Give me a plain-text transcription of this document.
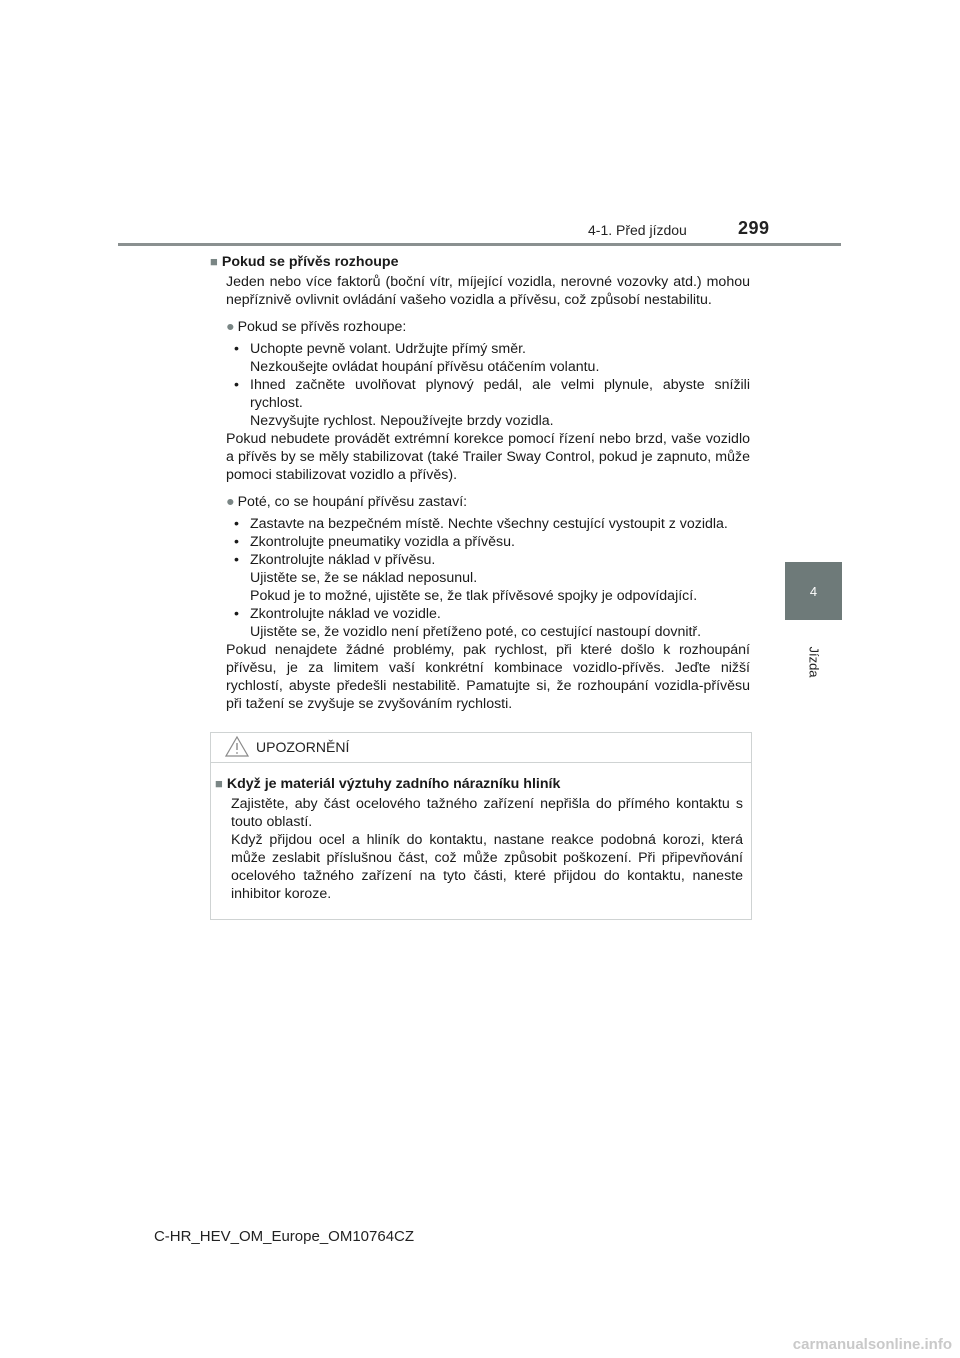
4-1. Před jízdou	299
4
Jízda
■ Pokud se přívěs rozhoupe

Jeden nebo více faktorů (boční vítr, míjející vozidla, nerovné vozovky atd.) mohou nepříznivě ovlivnit ovládání vašeho vozidla a přívěsu, což způsobí nestabilitu.

● Pokud se přívěs rozhoupe:
• Uchopte pevně volant. Udržujte přímý směr.

Nezkoušejte ovládat houpání přívěsu otáčením volantu.

• Ihned začněte uvolňovat plynový pedál, ale velmi plynule, abyste snížili rychlost.

Nezvyšujte rychlost. Nepoužívejte brzdy vozidla.

Pokud nebudete provádět extrémní korekce pomocí řízení nebo brzd, vaše vozidlo a přívěs by se měly stabilizovat (také Trailer Sway Control, pokud je zapnuto, může pomoci stabilizovat vozidlo a přívěs).

● Poté, co se houpání přívěsu zastaví:
• Zastavte na bezpečném místě. Nechte všechny cestující vystoupit z vozidla.
• Zkontrolujte pneumatiky vozidla a přívěsu.
• Zkontrolujte náklad v přívěsu.

Ujistěte se, že se náklad neposunul.

Pokud je to možné, ujistěte se, že tlak přívěsové spojky je odpovídající.

• Zkontrolujte náklad ve vozidle.

Ujistěte se, že vozidlo není přetíženo poté, co cestující nastoupí dovnitř.

Pokud nenajdete žádné problémy, pak rychlost, při které došlo k rozhoupání přívěsu, je za limitem vaší konkrétní kombinace vozidlo-přívěs. Jeďte nižší rychlostí, abyste předešli nestabilitě. Pamatujte si, že rozhoupání vozidla-přívěsu při tažení se zvyšuje se zvyšováním rychlosti.

UPOZORNĚNÍ
■ Když je materiál výztuhy zadního nárazníku hliník

Zajistěte, aby část ocelového tažného zařízení nepřišla do přímého kontaktu s touto oblastí.

Když přijdou ocel a hliník do kontaktu, nastane reakce podobná korozi, která může zeslabit příslušnou část, což může způsobit poškození. Při připevňování ocelového tažného zařízení na tyto části, které přijdou do kontaktu, naneste inhibitor koroze.

C-HR_HEV_OM_Europe_OM10764CZ
carmanualsonline.info
